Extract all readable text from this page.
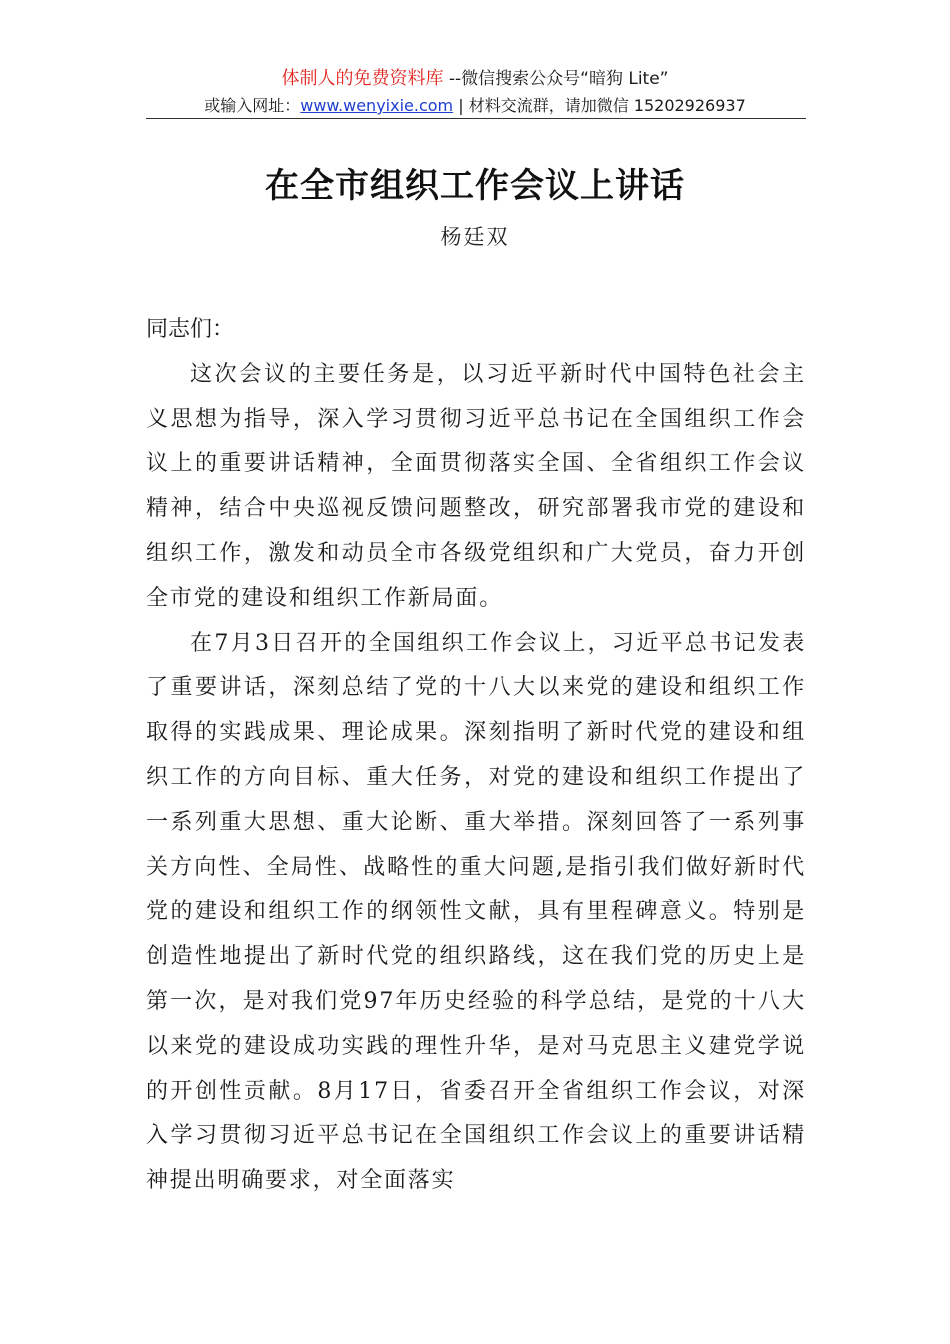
体制人的免费资料库 --微信搜索公众号“暗狗 Lite”
或输入网址：www.wenyixie.com | 材料交流群，请加微信 15202926937
在全市组织工作会议上讲话
杨廷双

同志们：

这次会议的主要任务是，以习近平新时代中国特色社会主义思想为指导，深入学习贯彻习近平总书记在全国组织工作会议上的重要讲话精神，全面贯彻落实全国、全省组织工作会议精神，结合中央巡视反馈问题整改，研究部署我市党的建设和组织工作，激发和动员全市各级党组织和广大党员，奋力开创全市党的建设和组织工作新局面。

在7月3日召开的全国组织工作会议上，习近平总书记发表了重要讲话，深刻总结了党的十八大以来党的建设和组织工作取得的实践成果、理论成果。深刻指明了新时代党的建设和组织工作的方向目标、重大任务，对党的建设和组织工作提出了一系列重大思想、重大论断、重大举措。深刻回答了一系列事关方向性、全局性、战略性的重大问题,是指引我们做好新时代党的建设和组织工作的纲领性文献，具有里程碑意义。特别是创造性地提出了新时代党的组织路线，这在我们党的历史上是第一次，是对我们党97年历史经验的科学总结，是党的十八大以来党的建设成功实践的理性升华，是对马克思主义建党学说的开创性贡献。8月17日，省委召开全省组织工作会议，对深入学习贯彻习近平总书记在全国组织工作会议上的重要讲话精神提出明确要求，对全面落实
